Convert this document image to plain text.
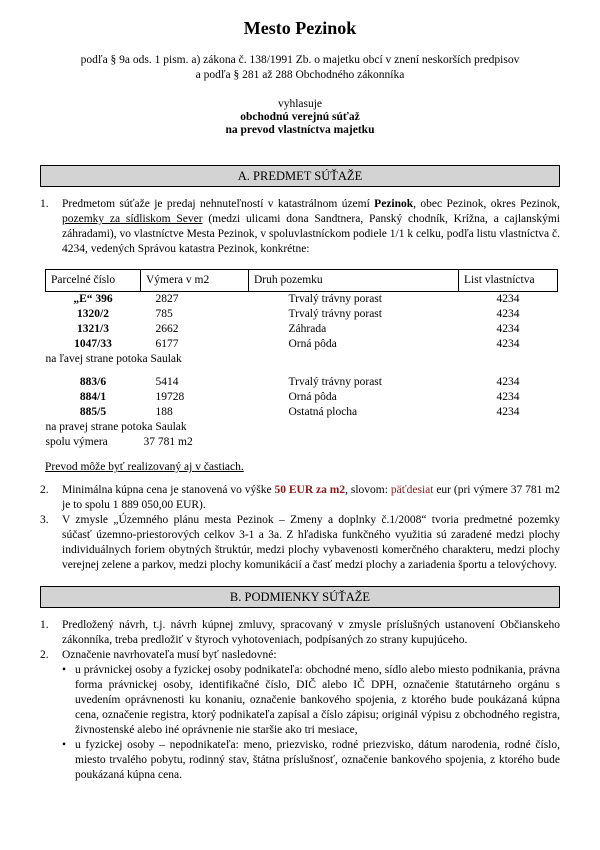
Mesto Pezinok
podľa § 9a ods. 1 pism. a) zákona č. 138/1991 Zb. o majetku obcí v znení neskorších predpisov
a podľa § 281 až 288 Obchodného zákonníka
vyhlasuje
obchodnú verejnú súťaž
na prevod vlastníctva majetku
A. PREDMET SÚŤAŽE
1.	Predmetom súťaže je predaj nehnuteľností v katastrálnom území Pezinok, obec Pezinok, okres Pezinok, pozemky za sídliskom Sever (medzi ulicami dona Sandtnera, Panský chodník, Krížna, a cajlanskými záhradami), vo vlastníctve Mesta Pezinok, v spoluvlastníckom podiele 1/1 k celku, podľa listu vlastníctva č. 4234, vedených Správou katastra Pezinok, konkrétne:
Parcelné číslo	Výmera v m2	Druh pozemku	List vlastníctva
„E“ 396	2827	Trvalý trávny porast	4234
1320/2	785	Trvalý trávny porast	4234
1321/3	2662	Záhrada	4234
1047/33	6177	Orná pôda	4234
na ľavej strane potoka Saulak			

883/6	5414	Trvalý trávny porast	4234
884/1	19728	Orná pôda	4234
885/5	188	Ostatná plocha	4234
na pravej strane potoka Saulak			
spolu výmera 37 781 m2			
Prevod môže byť realizovaný aj v častiach.
2.	Minimálna kúpna cena je stanovená vo výške 50 EUR za m2, slovom: päťdesiat eur (pri výmere 37 781 m2 je to spolu 1 889 050,00 EUR).
3.	V zmysle „Územného plánu mesta Pezinok – Zmeny a doplnky č.1/2008“ tvoria predmetné pozemky súčasť územno-priestorových celkov 3-1 a 3a. Z hľadiska funkčného využitia sú zaradené medzi plochy individuálnych foriem obytných štruktúr, medzi plochy vybavenosti komerčného charakteru, medzi plochy verejnej zelene a parkov, medzi plochy komunikácií a časť medzi plochy a zariadenia športu a telovýchovy.
B. PODMIENKY SÚŤAŽE
1.	Predložený návrh, t.j. návrh kúpnej zmluvy, spracovaný v zmysle príslušných ustanovení Občianskeho zákonníka, treba predložiť v štyroch vyhotoveniach, podpísaných zo strany kupujúceho.
2.	Označenie navrhovateľa musí byť nasledovné:
• u právnickej osoby a fyzickej osoby podnikateľa: obchodné meno, sídlo alebo miesto podnikania, právna forma právnickej osoby, identifikačné číslo, DIČ alebo IČ DPH, označenie štatutárneho orgánu s uvedením oprávnenosti ku konaniu, označenie bankového spojenia, z ktorého bude poukázaná kúpna cena, označenie registra, ktorý podnikateľa zapísal a číslo zápisu; originál výpisu z obchodného registra, živnostenské alebo iné oprávnenie nie staršie ako tri mesiace,
• u fyzickej osoby – nepodnikateľa: meno, priezvisko, rodné priezvisko, dátum narodenia, rodné číslo, miesto trvalého pobytu, rodinný stav, štátna príslušnosť, označenie bankového spojenia, z ktorého bude poukázaná kúpna cena.
